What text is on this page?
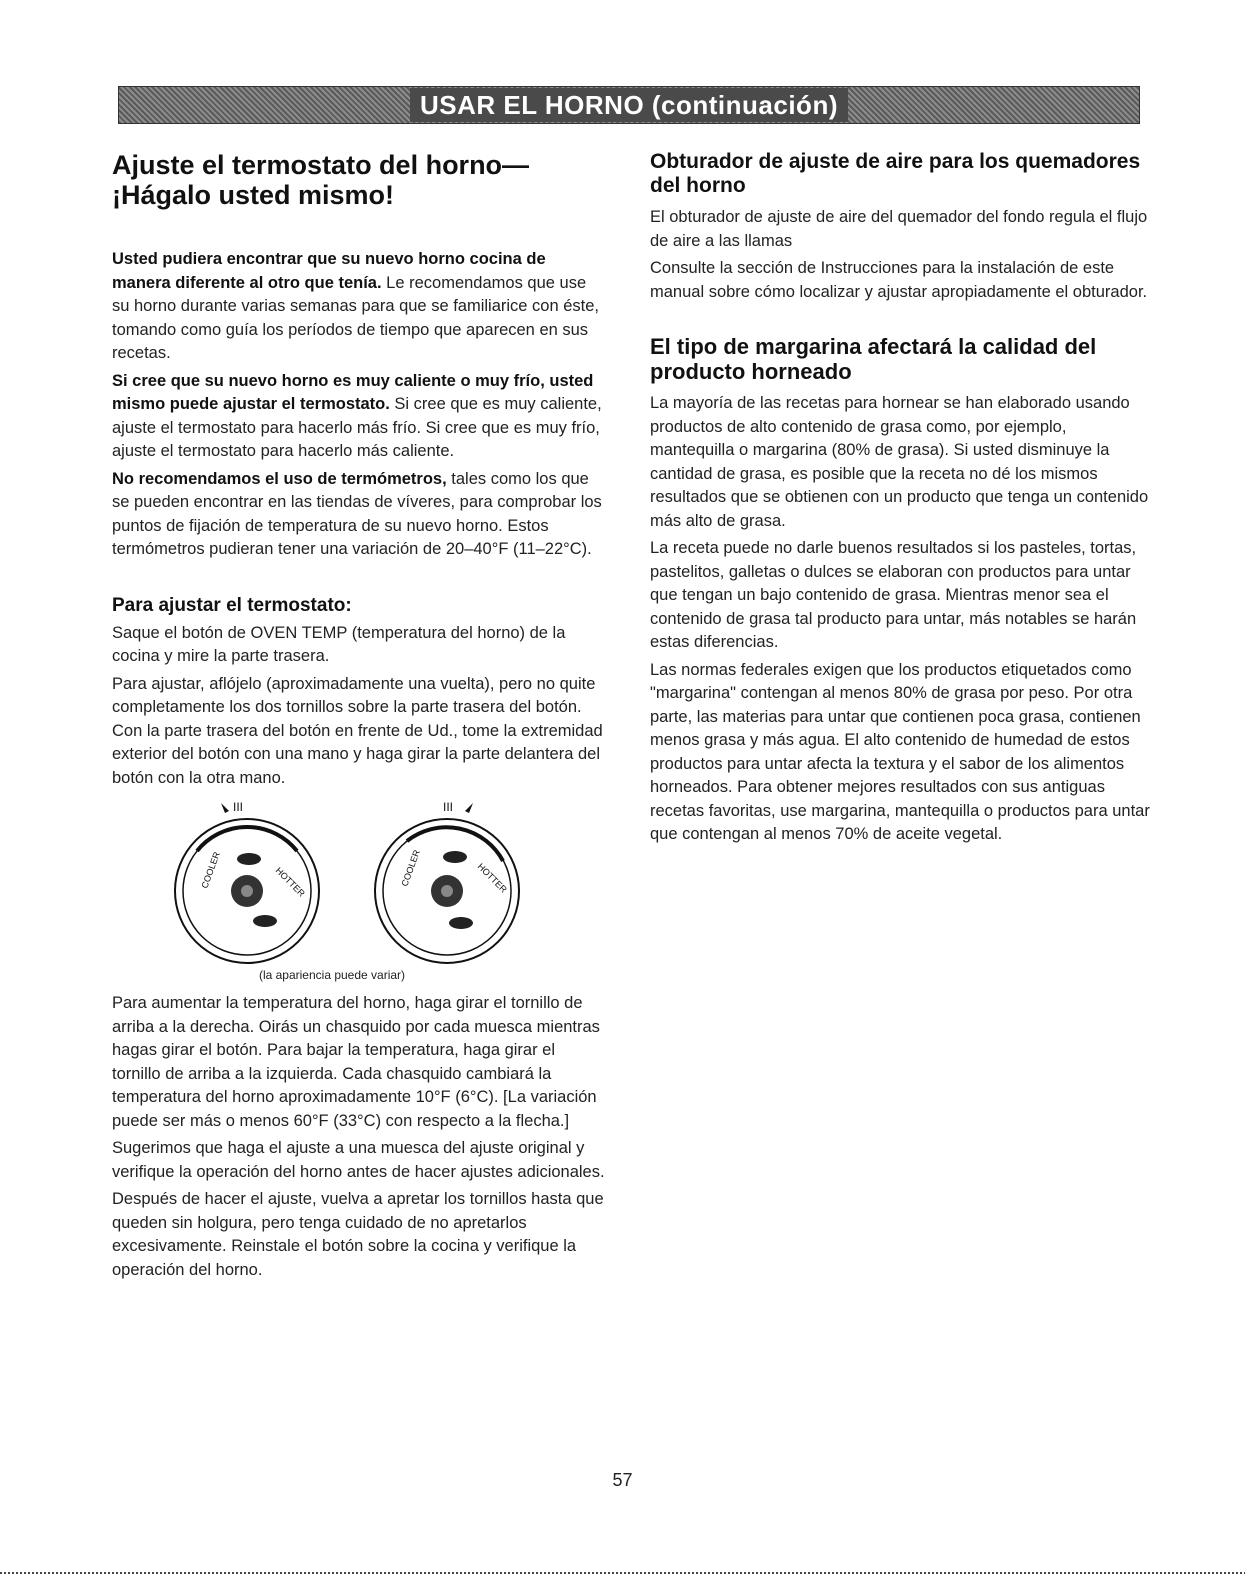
USAR EL HORNO (continuación)
Ajuste el termostato del horno—
¡Hágalo usted mismo!

Usted pudiera encontrar que su nuevo horno cocina de manera diferente al otro que tenía. Le recomendamos que use su horno durante varias semanas para que se familiarice con éste, tomando como guía los períodos de tiempo que aparecen en sus recetas.

Si cree que su nuevo horno es muy caliente o muy frío, usted mismo puede ajustar el termostato. Si cree que es muy caliente, ajuste el termostato para hacerlo más frío. Si cree que es muy frío, ajuste el termostato para hacerlo más caliente.

No recomendamos el uso de termómetros, tales como los que se pueden encontrar en las tiendas de víveres, para comprobar los puntos de fijación de temperatura de su nuevo horno. Estos termómetros pudieran tener una variación de 20–40°F (11–22°C).

Para ajustar el termostato:

Saque el botón de OVEN TEMP (temperatura del horno) de la cocina y mire la parte trasera.

Para ajustar, aflójelo (aproximadamente una vuelta), pero no quite completamente los dos tornillos sobre la parte trasera del botón. Con la parte trasera del botón en frente de Ud., tome la extremidad exterior del botón con una mano y haga girar la parte delantera del botón con la otra mano.

III
HOTTER
COOLER
III
HOTTER
COOLER
(la apariencia puede variar)

Para aumentar la temperatura del horno, haga girar el tornillo de arriba a la derecha. Oirás un chasquido por cada muesca mientras hagas girar el botón. Para bajar la temperatura, haga girar el tornillo de arriba a la izquierda. Cada chasquido cambiará la temperatura del horno aproximadamente 10°F (6°C). [La variación puede ser más o menos 60°F (33°C) con respecto a la flecha.]

Sugerimos que haga el ajuste a una muesca del ajuste original y verifique la operación del horno antes de hacer ajustes adicionales.

Después de hacer el ajuste, vuelva a apretar los tornillos hasta que queden sin holgura, pero tenga cuidado de no apretarlos excesivamente. Reinstale el botón sobre la cocina y verifique la operación del horno.

Obturador de ajuste de aire para los quemadores del horno

El obturador de ajuste de aire del quemador del fondo regula el flujo de aire a las llamas

Consulte la sección de Instrucciones para la instalación de este manual sobre cómo localizar y ajustar apropiadamente el obturador.

El tipo de margarina afectará la calidad del producto horneado

La mayoría de las recetas para hornear se han elaborado usando productos de alto contenido de grasa como, por ejemplo, mantequilla o margarina (80% de grasa). Si usted disminuye la cantidad de grasa, es posible que la receta no dé los mismos resultados que se obtienen con un producto que tenga un contenido más alto de grasa.

La receta puede no darle buenos resultados si los pasteles, tortas, pastelitos, galletas o dulces se elaboran con productos para untar que tengan un bajo contenido de grasa. Mientras menor sea el contenido de grasa tal producto para untar, más notables se harán estas diferencias.

Las normas federales exigen que los productos etiquetados como "margarina" contengan al menos 80% de grasa por peso. Por otra parte, las materias para untar que contienen poca grasa, contienen menos grasa y más agua. El alto contenido de humedad de estos productos para untar afecta la textura y el sabor de los alimentos horneados. Para obtener mejores resultados con sus antiguas recetas favoritas, use margarina, mantequilla o productos para untar que contengan al menos 70% de aceite vegetal.

57
